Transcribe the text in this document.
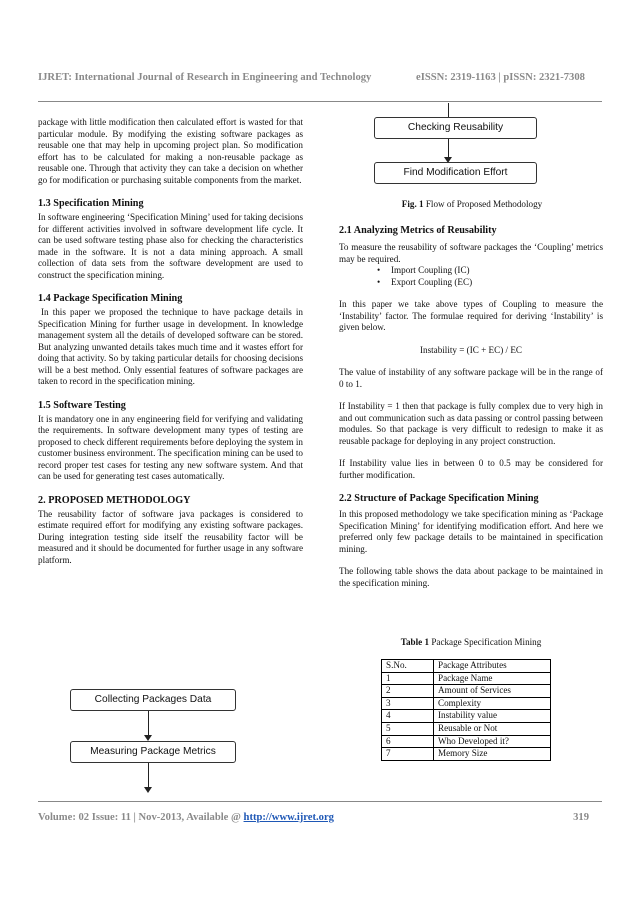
IJRET: International Journal of Research in Engineering and Technology	eISSN: 2319-1163 | pISSN: 2321-7308

package with little modification then calculated effort is wasted for that particular module. By modifying the existing software packages as reusable one that may help in upcoming project plan. So modification effort has to be calculated for making a non-reusable package as reusable one. Through that activity they can take a decision on whether go for modification or purchasing suitable components from the market.

1.3 Specification Mining

In software engineering ‘Specification Mining’ used for taking decisions for different activities involved in software development life cycle. It can be used software testing phase also for checking the characteristics made in the software. It is not a data mining approach. A small collection of data sets from the software development are used to construct the specification mining.

1.4 Package Specification Mining

In this paper we proposed the technique to have package details in Specification Mining for further usage in development. In knowledge management system all the details of developed software can be stored. But analyzing unwanted details takes much time and it wastes effort for doing that activity. So by taking particular details for choosing decisions will be a best method. Only essential features of software packages are taken to record in the specification mining.

1.5 Software Testing

It is mandatory one in any engineering field for verifying and validating the requirements. In software development many types of testing are proposed to check different requirements before deploying the system in customer business environment. The specification mining can be used to record proper test cases for testing any new software system. And that can be used for generating test cases automatically.

2. PROPOSED METHODOLOGY

The reusability factor of software java packages is considered to estimate required effort for modifying any existing software packages. During integration testing side itself the reusability factor will be measured and it should be documented for further usage in any software platform.

Collecting Packages Data
Measuring Package Metrics
Checking Reusability
Find Modification Effort
Fig. 1 Flow of Proposed Methodology
2.1 Analyzing Metrics of Reusability

To measure the reusability of software packages the ‘Coupling’ metrics may be required.

• Import Coupling (IC)
• Export Coupling (EC)

In this paper we take above types of Coupling to measure the ‘Instability’ factor. The formulae required for deriving ‘Instability’ is given below.

Instability = (IC + EC) / EC

The value of instability of any software package will be in the range of 0 to 1.

If Instability = 1 then that package is fully complex due to very high in and out communication such as data passing or control passing between modules. So that package is very difficult to redesign to make it as reusable package for deploying in any project construction.

If Instability value lies in between 0 to 0.5 may be considered for further modification.

2.2 Structure of Package Specification Mining

In this proposed methodology we take specification mining as ‘Package Specification Mining’ for identifying modification effort. And here we preferred only few package details to be maintained in specification mining.

The following table shows the data about package to be maintained in the specification mining.

Table 1 Package Specification Mining
S.No.	Package Attributes
1	Package Name
2	Amount of Services
3	Complexity
4	Instability value
5	Reusable or Not
6	Who Developed it?
7	Memory Size
Volume: 02 Issue: 11 | Nov-2013, Available @ http://www.ijret.org	319
